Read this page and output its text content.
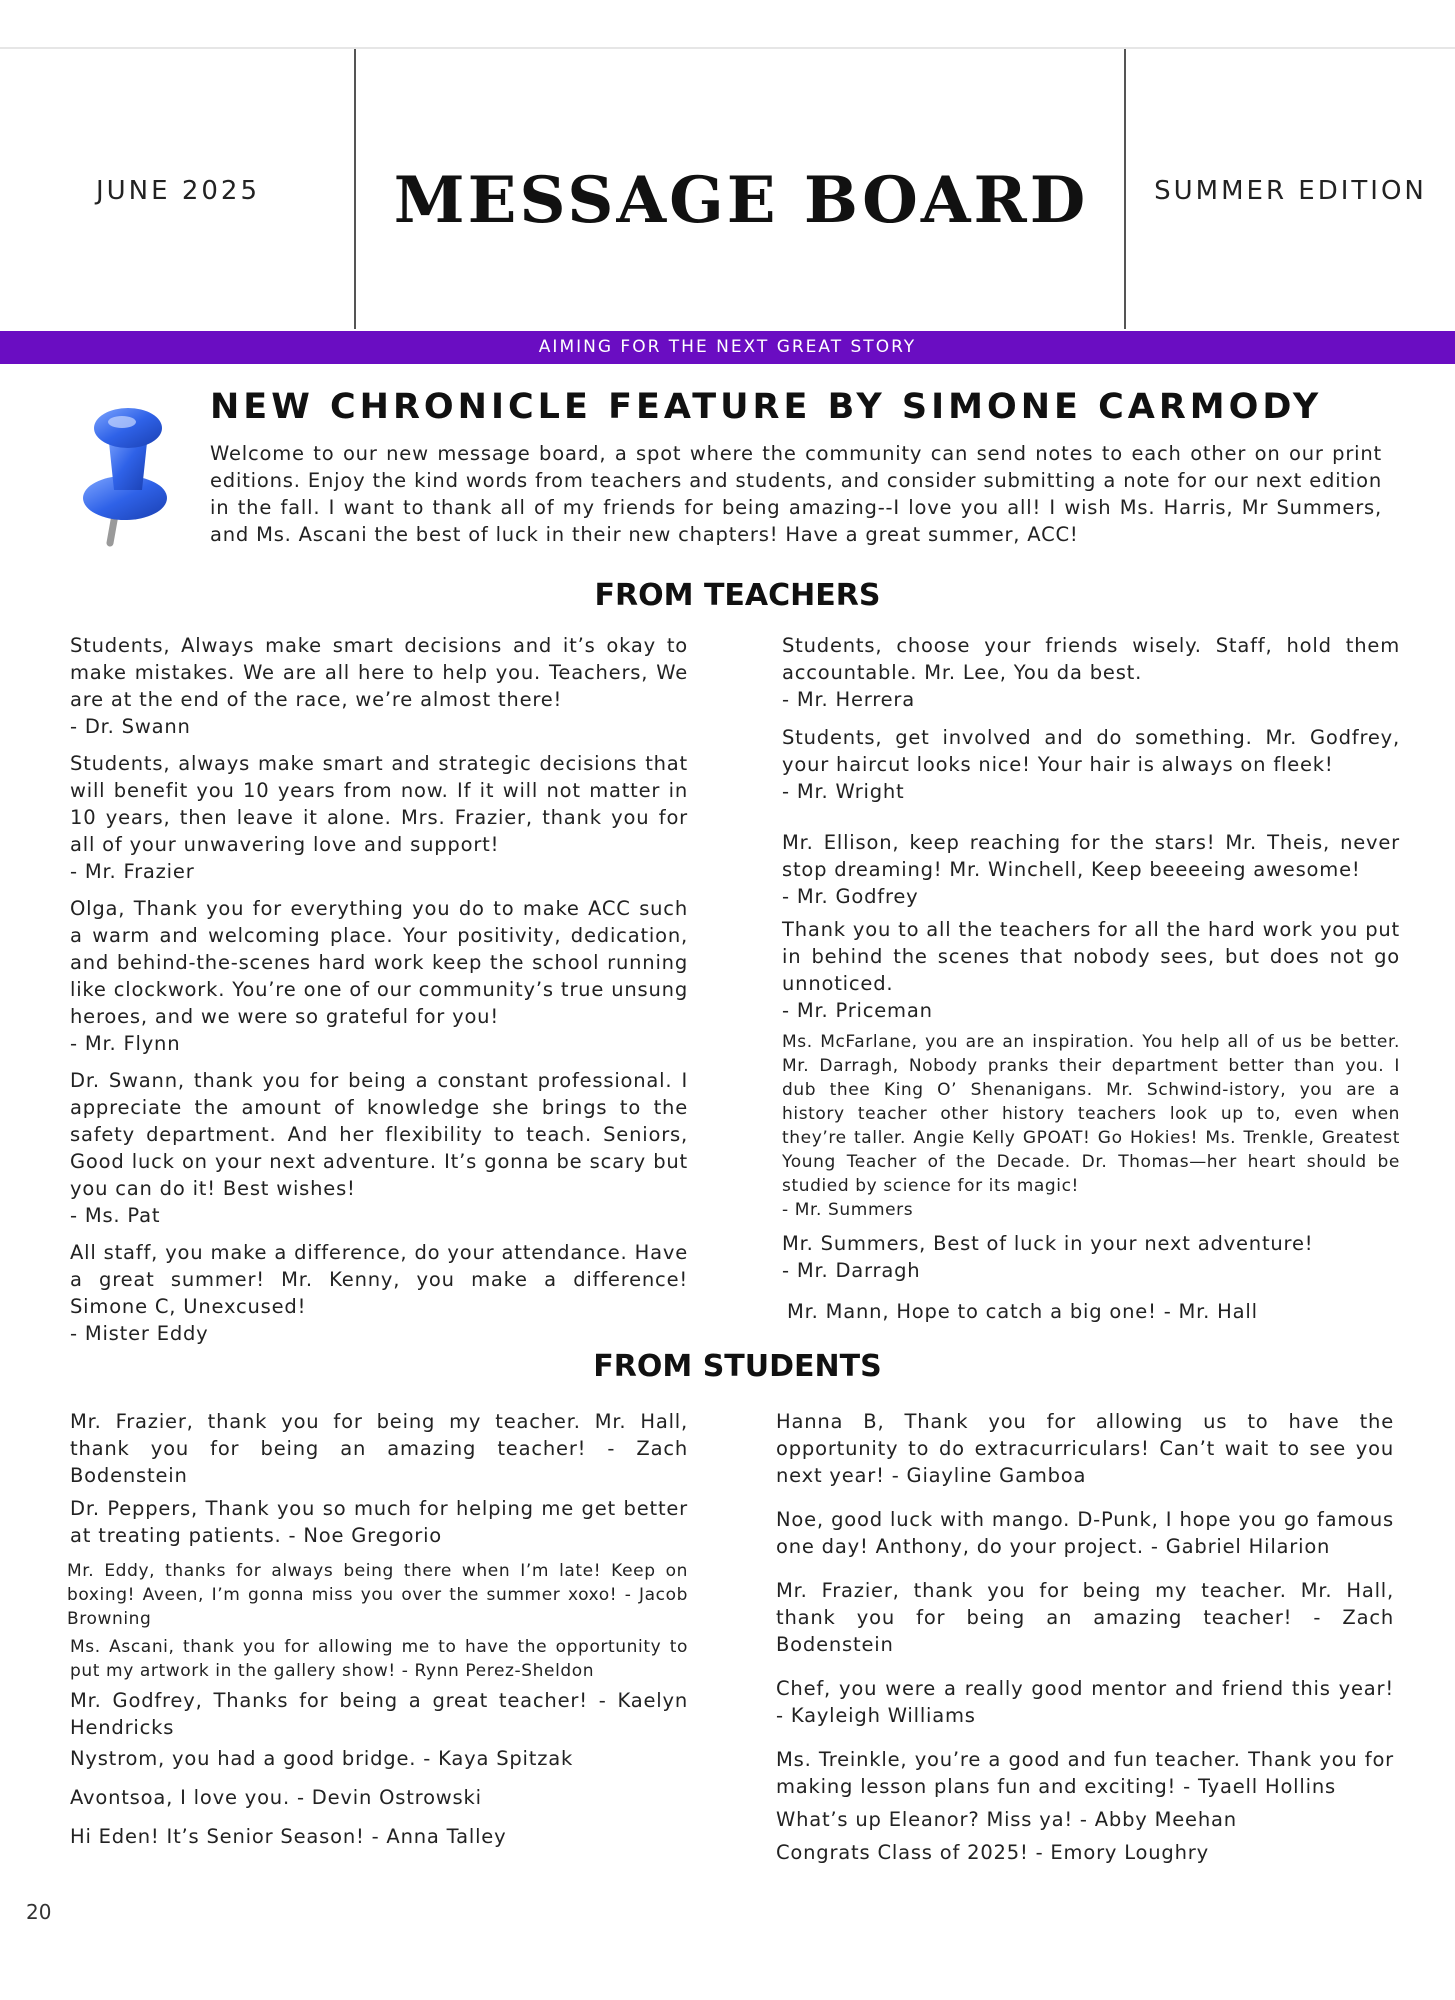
JUNE 2025	MESSAGE BOARD	SUMMER EDITION
AIMING FOR THE NEXT GREAT STORY
NEW CHRONICLE FEATURE BY SIMONE CARMODY
Welcome to our new message board, a spot where the community can send notes to each other on our print editions. Enjoy the kind words from teachers and students, and consider submitting a note for our next edition in the fall. I want to thank all of my friends for being amazing--I love you all! I wish Ms. Harris, Mr Summers, and Ms. Ascani the best of luck in their new chapters! Have a great summer, ACC!
FROM TEACHERS
Students, Always make smart decisions and it’s okay to make mistakes. We are all here to help you. Teachers, We are at the end of the race, we’re almost there!
- Dr. Swann
Students, always make smart and strategic decisions that will benefit you 10 years from now. If it will not matter in 10 years, then leave it alone. Mrs. Frazier, thank you for all of your unwavering love and support!
- Mr. Frazier
Olga, Thank you for everything you do to make ACC such a warm and welcoming place. Your positivity, dedication, and behind-the-scenes hard work keep the school running like clockwork. You’re one of our community’s true unsung heroes, and we were so grateful for you!
- Mr. Flynn
Dr. Swann, thank you for being a constant professional. I appreciate the amount of knowledge she brings to the safety department. And her flexibility to teach. Seniors, Good luck on your next adventure. It’s gonna be scary but you can do it! Best wishes!
- Ms. Pat
All staff, you make a difference, do your attendance. Have a great summer! Mr. Kenny, you make a difference! Simone C, Unexcused!
- Mister Eddy
Students, choose your friends wisely. Staff, hold them accountable. Mr. Lee, You da best.
- Mr. Herrera
Students, get involved and do something. Mr. Godfrey, your haircut looks nice! Your hair is always on fleek!
- Mr. Wright
Mr. Ellison, keep reaching for the stars! Mr. Theis, never stop dreaming! Mr. Winchell, Keep beeeeing awesome!
- Mr. Godfrey
Thank you to all the teachers for all the hard work you put in behind the scenes that nobody sees, but does not go unnoticed.
- Mr. Priceman
Ms. McFarlane, you are an inspiration. You help all of us be better. Mr. Darragh, Nobody pranks their department better than you. I dub thee King O’ Shenanigans. Mr. Schwind-istory, you are a history teacher other history teachers look up to, even when they’re taller. Angie Kelly GPOAT! Go Hokies! Ms. Trenkle, Greatest Young Teacher of the Decade. Dr. Thomas—her heart should be studied by science for its magic!
- Mr. Summers
Mr. Summers, Best of luck in your next adventure!
- Mr. Darragh
Mr. Mann, Hope to catch a big one! - Mr. Hall
FROM STUDENTS
Mr. Frazier, thank you for being my teacher. Mr. Hall, thank you for being an amazing teacher! - Zach Bodenstein
Dr. Peppers, Thank you so much for helping me get better at treating patients. - Noe Gregorio
Mr. Eddy, thanks for always being there when I’m late! Keep on boxing! Aveen, I’m gonna miss you over the summer xoxo! - Jacob Browning
Ms. Ascani, thank you for allowing me to have the opportunity to put my artwork in the gallery show! - Rynn Perez-Sheldon
Mr. Godfrey, Thanks for being a great teacher! - Kaelyn Hendricks
Nystrom, you had a good bridge. - Kaya Spitzak
Avontsoa, I love you. - Devin Ostrowski
Hi Eden! It’s Senior Season! - Anna Talley
Hanna B, Thank you for allowing us to have the opportunity to do extracurriculars! Can’t wait to see you next year! - Giayline Gamboa
Noe, good luck with mango. D-Punk, I hope you go famous one day! Anthony, do your project. - Gabriel Hilarion
Mr. Frazier, thank you for being my teacher. Mr. Hall, thank you for being an amazing teacher! - Zach Bodenstein
Chef, you were a really good mentor and friend this year! - Kayleigh Williams
Ms. Treinkle, you’re a good and fun teacher. Thank you for making lesson plans fun and exciting! - Tyaell Hollins
What’s up Eleanor? Miss ya! - Abby Meehan
Congrats Class of 2025! - Emory Loughry
20
